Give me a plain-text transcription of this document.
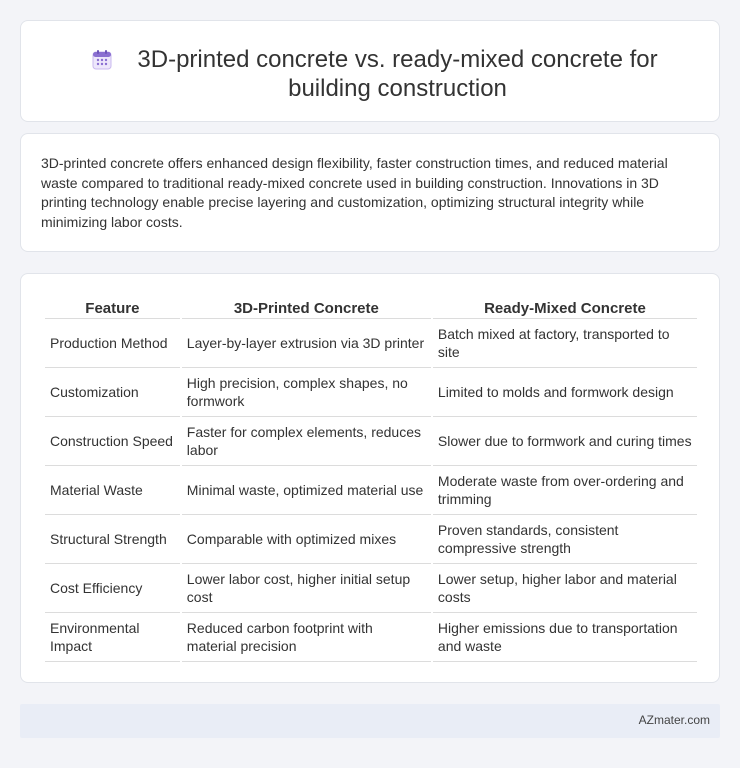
3D-printed concrete vs. ready-mixed concrete for
building construction

3D-printed concrete offers enhanced design flexibility, faster construction times, and reduced material waste compared to traditional ready-mixed concrete used in building construction. Innovations in 3D printing technology enable precise layering and customization, optimizing structural integrity while minimizing labor costs.

Feature	3D-Printed Concrete	Ready-Mixed Concrete
Production Method	Layer-by-layer extrusion via 3D printer	Batch mixed at factory, transported to site
Customization	High precision, complex shapes, no formwork	Limited to molds and formwork design
Construction Speed	Faster for complex elements, reduces labor	Slower due to formwork and curing times
Material Waste	Minimal waste, optimized material use	Moderate waste from over-ordering and trimming
Structural Strength	Comparable with optimized mixes	Proven standards, consistent compressive strength
Cost Efficiency	Lower labor cost, higher initial setup cost	Lower setup, higher labor and material costs
Environmental Impact	Reduced carbon footprint with material precision	Higher emissions due to transportation and waste
AZmater.com
